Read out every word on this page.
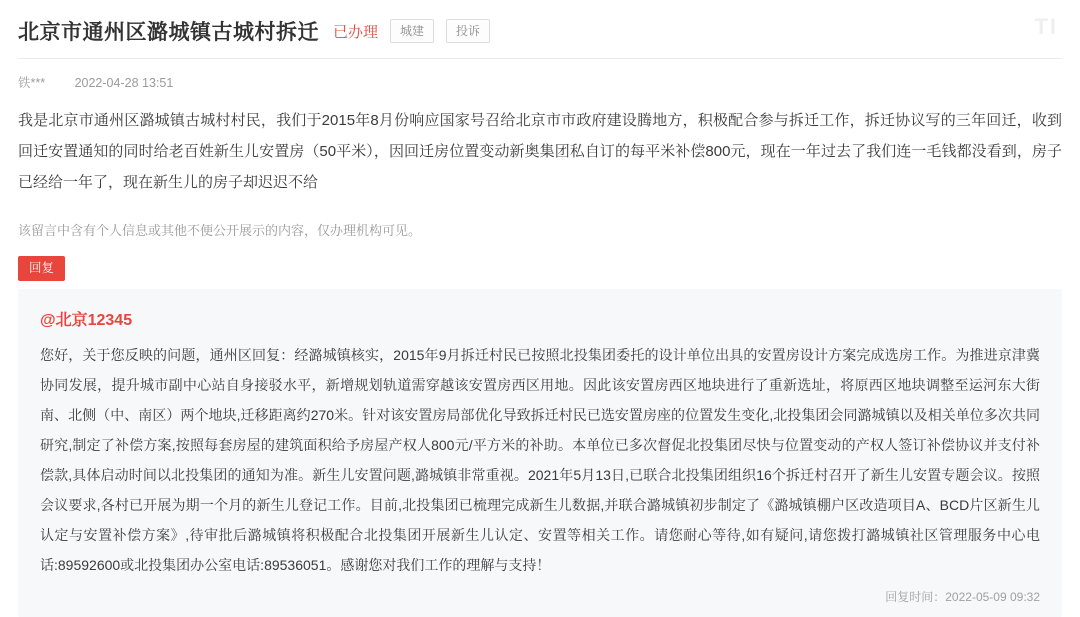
TI
北京市通州区潞城镇古城村拆迁 已办理	城建	投诉
铁*** 2022-04-28 13:51
我是北京市通州区潞城镇古城村村民，我们于2015年8月份响应国家号召给北京市市政府建设腾地方，积极配合参与拆迁工作，拆迁协议写的三年回迁，收到回迁安置通知的同时给老百姓新生儿安置房（50平米），因回迁房位置变动新奥集团私自订的每平米补偿800元，现在一年过去了我们连一毛钱都没看到，房子已经给一年了，现在新生儿的房子却迟迟不给
该留言中含有个人信息或其他不便公开展示的内容，仅办理机构可见。
回复
@北京12345
您好，关于您反映的问题，通州区回复：经潞城镇核实，2015年9月拆迁村民已按照北投集团委托的设计单位出具的安置房设计方案完成选房工作。为推进京津冀协同发展，提升城市副中心站自身接驳水平，新增规划轨道需穿越该安置房西区用地。因此该安置房西区地块进行了重新选址，将原西区地块调整至运河东大街南、北侧（中、南区）两个地块,迁移距离约270米。针对该安置房局部优化导致拆迁村民已选安置房座的位置发生变化,北投集团会同潞城镇以及相关单位多次共同研究,制定了补偿方案,按照每套房屋的建筑面积给予房屋产权人800元/平方米的补助。本单位已多次督促北投集团尽快与位置变动的产权人签订补偿协议并支付补偿款,具体启动时间以北投集团的通知为准。新生儿安置问题,潞城镇非常重视。2021年5月13日,已联合北投集团组织16个拆迁村召开了新生儿安置专题会议。按照会议要求,各村已开展为期一个月的新生儿登记工作。目前,北投集团已梳理完成新生儿数据,并联合潞城镇初步制定了《潞城镇棚户区改造项目A、BCD片区新生儿认定与安置补偿方案》,待审批后潞城镇将积极配合北投集团开展新生儿认定、安置等相关工作。请您耐心等待,如有疑问,请您拨打潞城镇社区管理服务中心电话:89592600或北投集团办公室电话:89536051。感谢您对我们工作的理解与支持！
回复时间：2022-05-09 09:32
